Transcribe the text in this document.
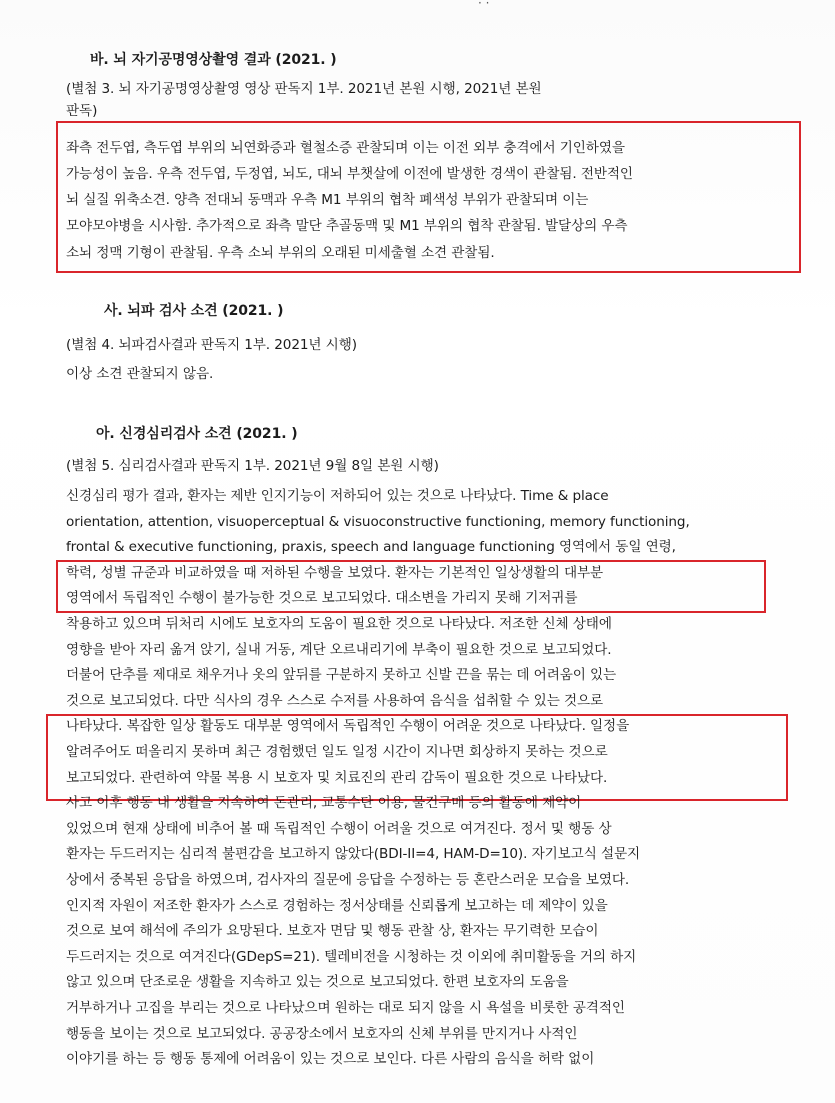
· ·
바. 뇌 자기공명영상촬영 결과 (2021. )
(별첨 3. 뇌 자기공명영상촬영 영상 판독지 1부. 2021년 본원 시행, 2021년 본원
판독)
좌측 전두엽, 측두엽 부위의 뇌연화증과 혈철소증 관찰되며 이는 이전 외부 충격에서 기인하였을
가능성이 높음. 우측 전두엽, 두정엽, 뇌도, 대뇌 부챗살에 이전에 발생한 경색이 관찰됨. 전반적인
뇌 실질 위축소견. 양측 전대뇌 동맥과 우측 M1 부위의 협착 폐색성 부위가 관찰되며 이는
모야모야병을 시사함. 추가적으로 좌측 말단 추골동맥 및 M1 부위의 협착 관찰됨. 발달상의 우측
소뇌 정맥 기형이 관찰됨. 우측 소뇌 부위의 오래된 미세출혈 소견 관찰됨.
사. 뇌파 검사 소견 (2021. )
(별첨 4. 뇌파검사결과 판독지 1부. 2021년 시행)
이상 소견 관찰되지 않음.
아. 신경심리검사 소견 (2021. )
(별첨 5. 심리검사결과 판독지 1부. 2021년 9월 8일 본원 시행)
신경심리 평가 결과, 환자는 제반 인지기능이 저하되어 있는 것으로 나타났다. Time & place
orientation, attention, visuoperceptual & visuoconstructive functioning, memory functioning,
frontal & executive functioning, praxis, speech and language functioning 영역에서 동일 연령,
학력, 성별 규준과 비교하였을 때 저하된 수행을 보였다. 환자는 기본적인 일상생활의 대부분
영역에서 독립적인 수행이 불가능한 것으로 보고되었다. 대소변을 가리지 못해 기저귀를
착용하고 있으며 뒤처리 시에도 보호자의 도움이 필요한 것으로 나타났다. 저조한 신체 상태에
영향을 받아 자리 옮겨 앉기, 실내 거동, 계단 오르내리기에 부축이 필요한 것으로 보고되었다.
더불어 단추를 제대로 채우거나 옷의 앞뒤를 구분하지 못하고 신발 끈을 묶는 데 어려움이 있는
것으로 보고되었다. 다만 식사의 경우 스스로 수저를 사용하여 음식을 섭취할 수 있는 것으로
나타났다. 복잡한 일상 활동도 대부분 영역에서 독립적인 수행이 어려운 것으로 나타났다. 일정을
알려주어도 떠올리지 못하며 최근 경험했던 일도 일정 시간이 지나면 회상하지 못하는 것으로
보고되었다. 관련하여 약물 복용 시 보호자 및 치료진의 관리 감독이 필요한 것으로 나타났다.
사고 이후 행동 내 생활을 지속하여 돈관리, 교통수단 이용, 물건구매 등의 활동에 제약이
있었으며 현재 상태에 비추어 볼 때 독립적인 수행이 어려울 것으로 여겨진다. 정서 및 행동 상
환자는 두드러지는 심리적 불편감을 보고하지 않았다(BDI-II=4, HAM-D=10). 자기보고식 설문지
상에서 중복된 응답을 하였으며, 검사자의 질문에 응답을 수정하는 등 혼란스러운 모습을 보였다.
인지적 자원이 저조한 환자가 스스로 경험하는 정서상태를 신뢰롭게 보고하는 데 제약이 있을
것으로 보여 해석에 주의가 요망된다. 보호자 면담 및 행동 관찰 상, 환자는 무기력한 모습이
두드러지는 것으로 여겨진다(GDepS=21). 텔레비전을 시청하는 것 이외에 취미활동을 거의 하지
않고 있으며 단조로운 생활을 지속하고 있는 것으로 보고되었다. 한편 보호자의 도움을
거부하거나 고집을 부리는 것으로 나타났으며 원하는 대로 되지 않을 시 욕설을 비롯한 공격적인
행동을 보이는 것으로 보고되었다. 공공장소에서 보호자의 신체 부위를 만지거나 사적인
이야기를 하는 등 행동 통제에 어려움이 있는 것으로 보인다. 다른 사람의 음식을 허락 없이
